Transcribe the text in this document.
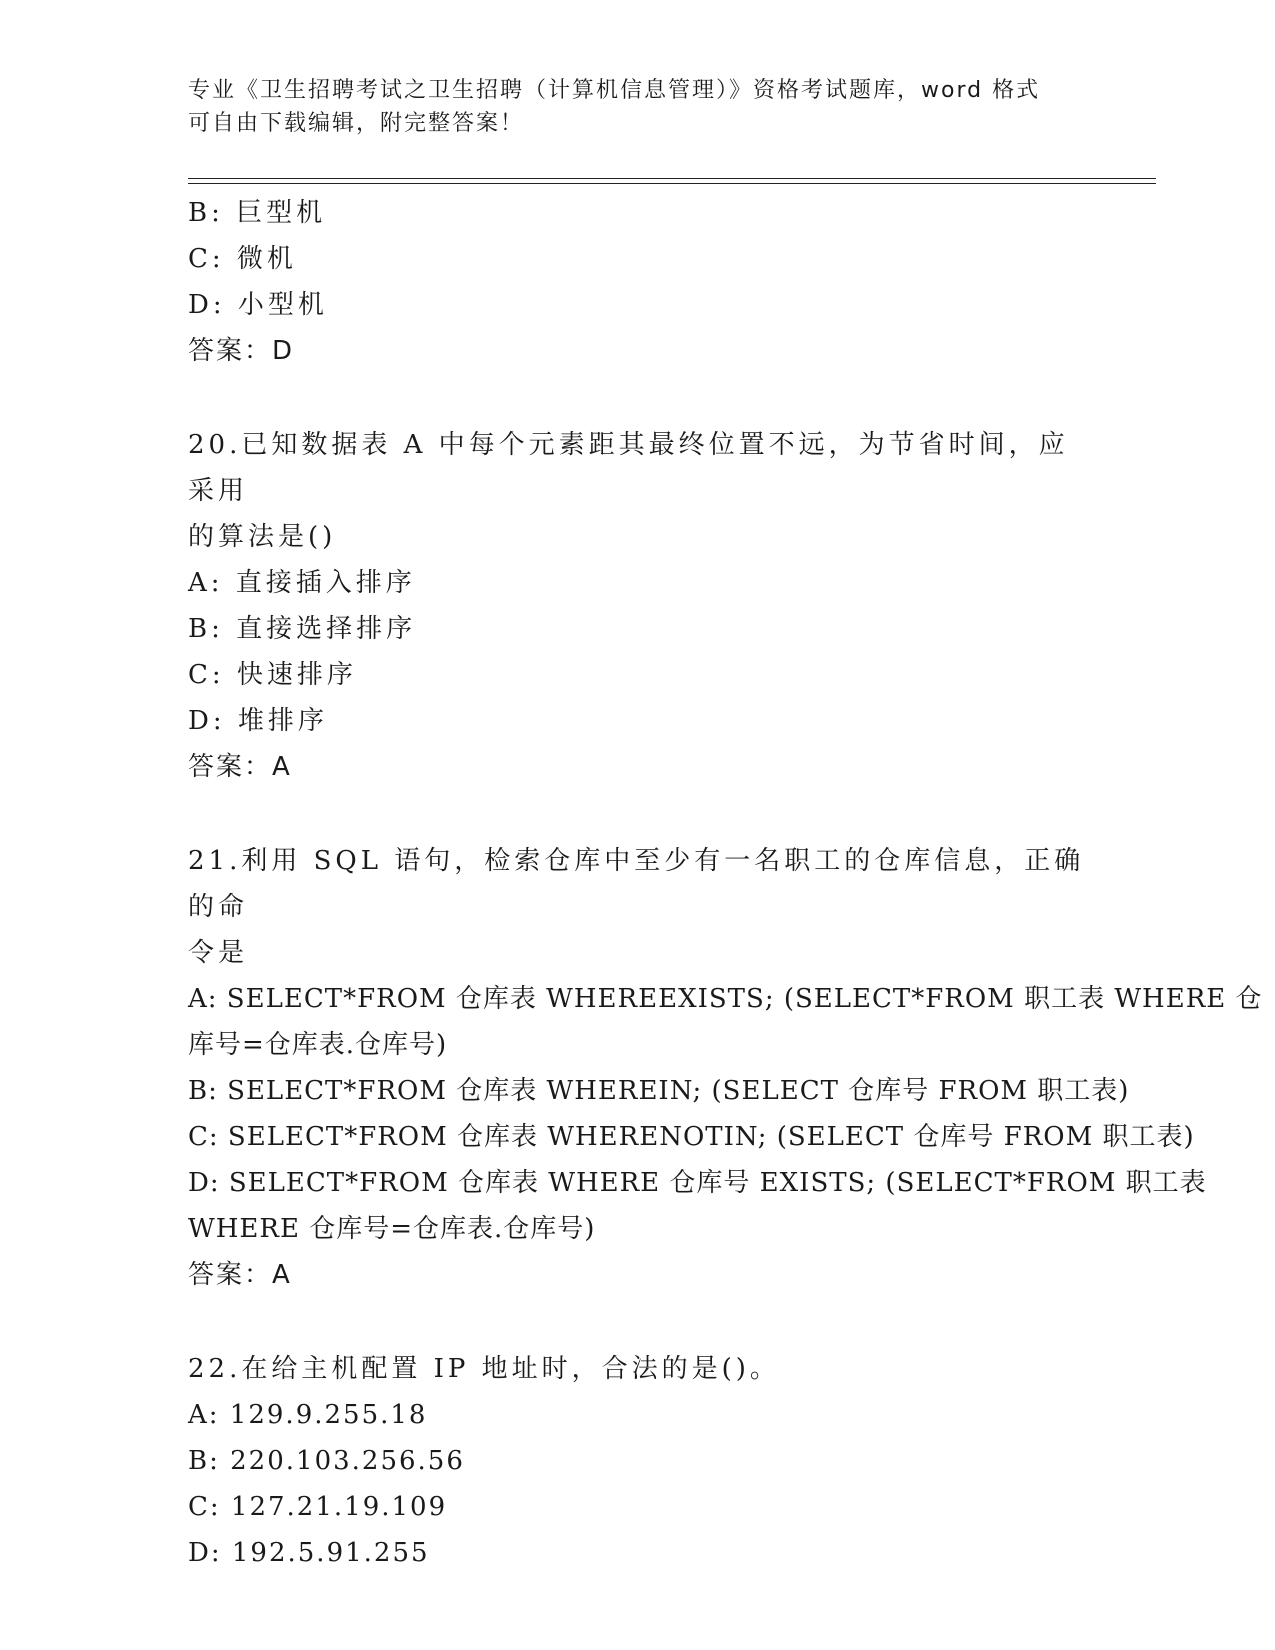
专业《卫生招聘考试之卫生招聘（计算机信息管理）》资格考试题库，word 格式
可自由下载编辑，附完整答案！
B: 巨型机
C: 微机
D: 小型机
答案：D
20.已知数据表 A 中每个元素距其最终位置不远，为节省时间，应采用
的算法是()
A: 直接插入排序
B: 直接选择排序
C: 快速排序
D: 堆排序
答案：A
21.利用 SQL 语句，检索仓库中至少有一名职工的仓库信息，正确的命
令是
A: SELECT*FROM 仓库表 WHEREEXISTS; (SELECT*FROM 职工表 WHERE 仓
库号=仓库表.仓库号)
B: SELECT*FROM 仓库表 WHEREIN; (SELECT 仓库号 FROM 职工表)
C: SELECT*FROM 仓库表 WHERENOTIN; (SELECT 仓库号 FROM 职工表)
D: SELECT*FROM 仓库表 WHERE 仓库号 EXISTS; (SELECT*FROM 职工表
WHERE 仓库号=仓库表.仓库号)
答案：A
22.在给主机配置 IP 地址时，合法的是()。
A: 129.9.255.18
B: 220.103.256.56
C: 127.21.19.109
D: 192.5.91.255
